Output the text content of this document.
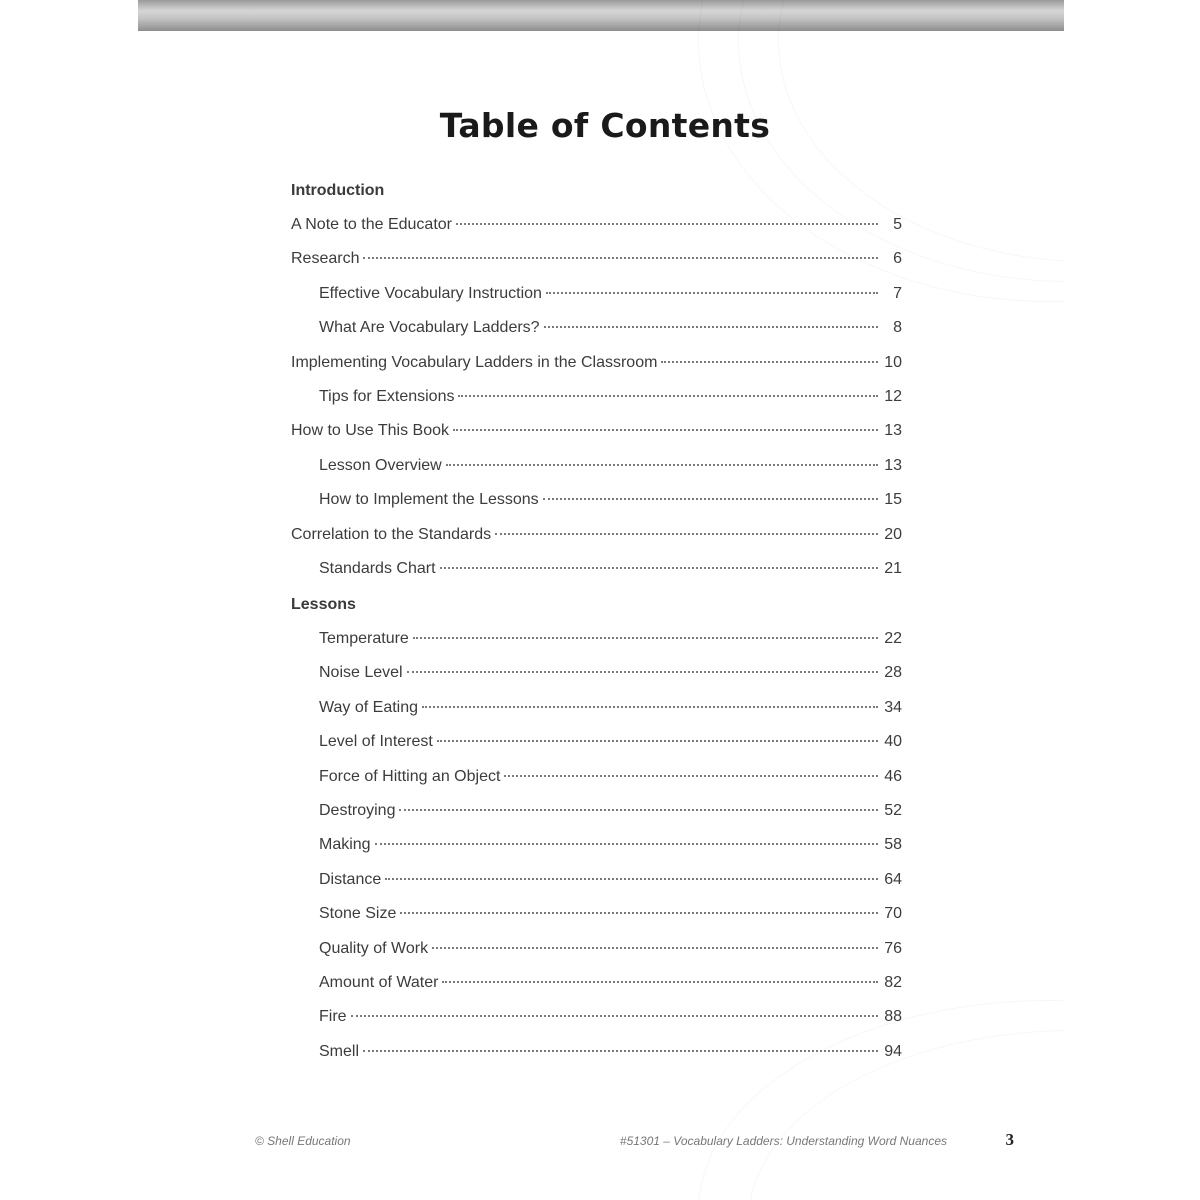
Table of Contents
Introduction
A Note to the Educator	5
Research	6
Effective Vocabulary Instruction	7
What Are Vocabulary Ladders?	8
Implementing Vocabulary Ladders in the Classroom	10
Tips for Extensions	12
How to Use This Book	13
Lesson Overview	13
How to Implement the Lessons	15
Correlation to the Standards	20
Standards Chart	21
Lessons
Temperature	22
Noise Level	28
Way of Eating	34
Level of Interest	40
Force of Hitting an Object	46
Destroying	52
Making	58
Distance	64
Stone Size	70
Quality of Work	76
Amount of Water	82
Fire	88
Smell	94
© Shell Education	#51301 – Vocabulary Ladders: Understanding Word Nuances	3
